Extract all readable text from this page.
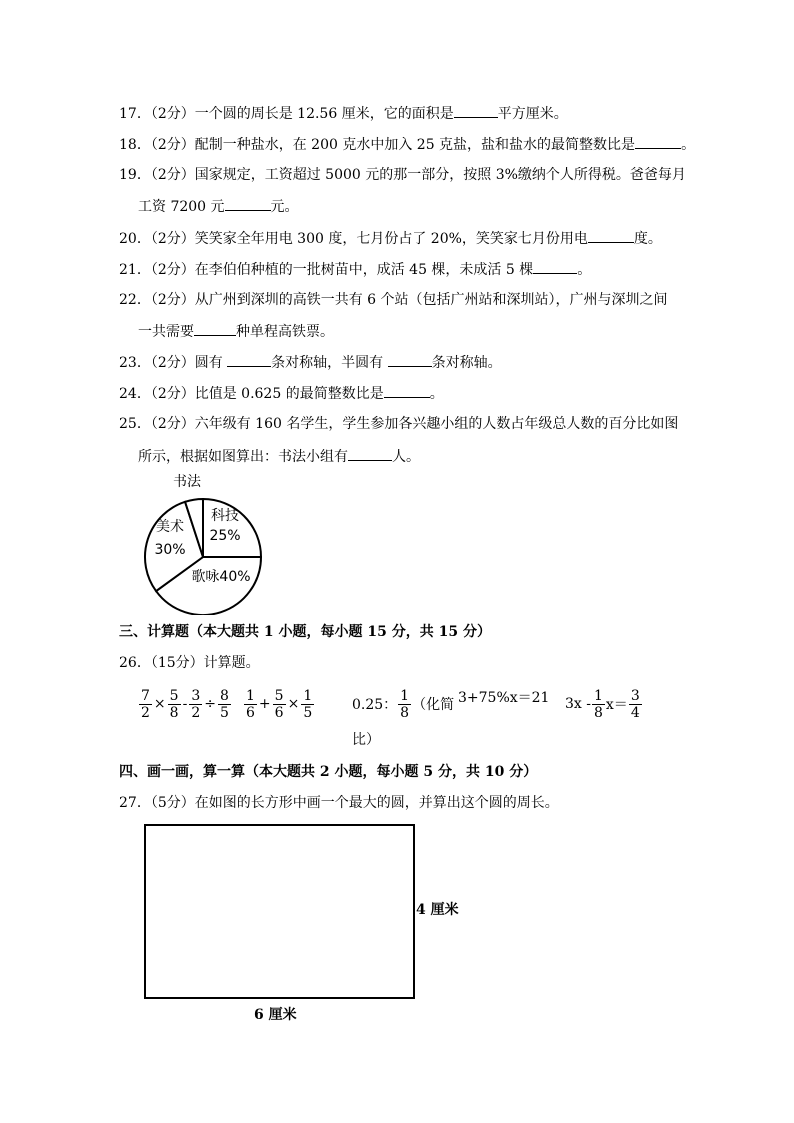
17．（2分）一个圆的周长是 12.56 厘米，它的面积是	平方厘米。
18．（2分）配制一种盐水，在 200 克水中加入 25 克盐，盐和盐水的最简整数比是	。
19．（2分）国家规定，工资超过 5000 元的那一部分，按照 3%缴纳个人所得税。爸爸每月
工资 7200 元	元。
20．（2分）笑笑家全年用电 300 度，七月份占了 20%，笑笑家七月份用电	度。
21．（2分）在李伯伯种植的一批树苗中，成活 45 棵，未成活 5 棵	。
22．（2分）从广州到深圳的高铁一共有 6 个站（包括广州站和深圳站），广州与深圳之间
一共需要	种单程高铁票。
23．（2分）圆有	条对称轴，半圆有	条对称轴。
24．（2分）比值是 0.625 的最简整数比是	。
25．（2分）六年级有 160 名学生，学生参加各兴趣小组的人数占年级总人数的百分比如图
所示，根据如图算出：书法小组有	人。
科技
25%
歌咏40%
美术
30%
书法
三、计算题（本大题共 1 小题，每小题 15 分，共 15 分）
26．（15分）计算题。
$\frac{7}{2} \times \frac{5}{8} - \frac{3}{2} \div \frac{8}{5} \frac{1}{6} + \frac{5}{6} \times \frac{1}{5}$	0.25： $\frac{1}{8}$ （化简
比）
3+75%x＝21 $3x - \frac{1}{8} x= \frac{3}{4}$
四、画一画，算一算（本大题共 2 小题，每小题 5 分，共 10 分）
27．（5分）在如图的长方形中画一个最大的圆，并算出这个圆的周长。
4 厘米
6 厘米
